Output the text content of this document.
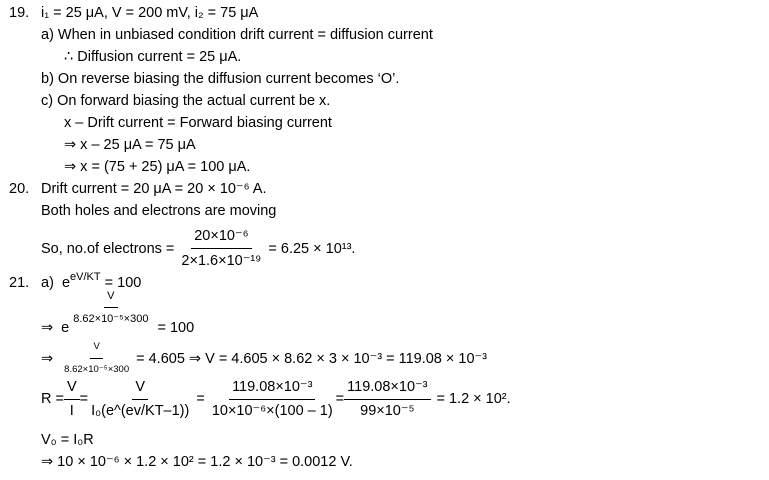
19. i₁ = 25 μA, V = 200 mV, i₂ = 75 μA
a) When in unbiased condition drift current = diffusion current
∴ Diffusion current = 25 μA.
b) On reverse biasing the diffusion current becomes ‘O’.
c) On forward biasing the actual current be x.
x – Drift current = Forward biasing current
⇒ x – 25 μA = 75 μA
⇒ x = (75 + 25) μA = 100 μA.
20. Drift current = 20 μA = 20 × 10⁻⁶ A.
Both holes and electrons are moving
So, no.of electrons = $\frac{\text{20×10⁻⁶}}{\text{2×1.6×10⁻¹⁹}} = 6.25 \times 10^{13}$.
21. a) $e^{eV/KT} = 100$
⇒ e $\frac{V}{\text{8.62×10⁻⁵×300}} = 100$
⇒ $\frac{V}{\text{8.62×10⁻⁵×300}} = 4.605$ ⇒ V = 4.605 × 8.62 × 3 × 10⁻³ = 119.08 × 10⁻³
$R = \frac{V}{I} = \frac{V}{\text{I₀(e\textasciicircum{}(ev/KT–1))}} = \frac{\text{119.08×10⁻³}}{\text{10×10⁻⁶×(100 – 1)}} = \frac{\text{119.08×10⁻³}}{\text{99×10⁻⁵}} = 1.2 \times 10^2$.
V₀ = I₀R
⇒ 10 × 10⁻⁶ × 1.2 × 10² = 1.2 × 10⁻³ = 0.0012 V.
